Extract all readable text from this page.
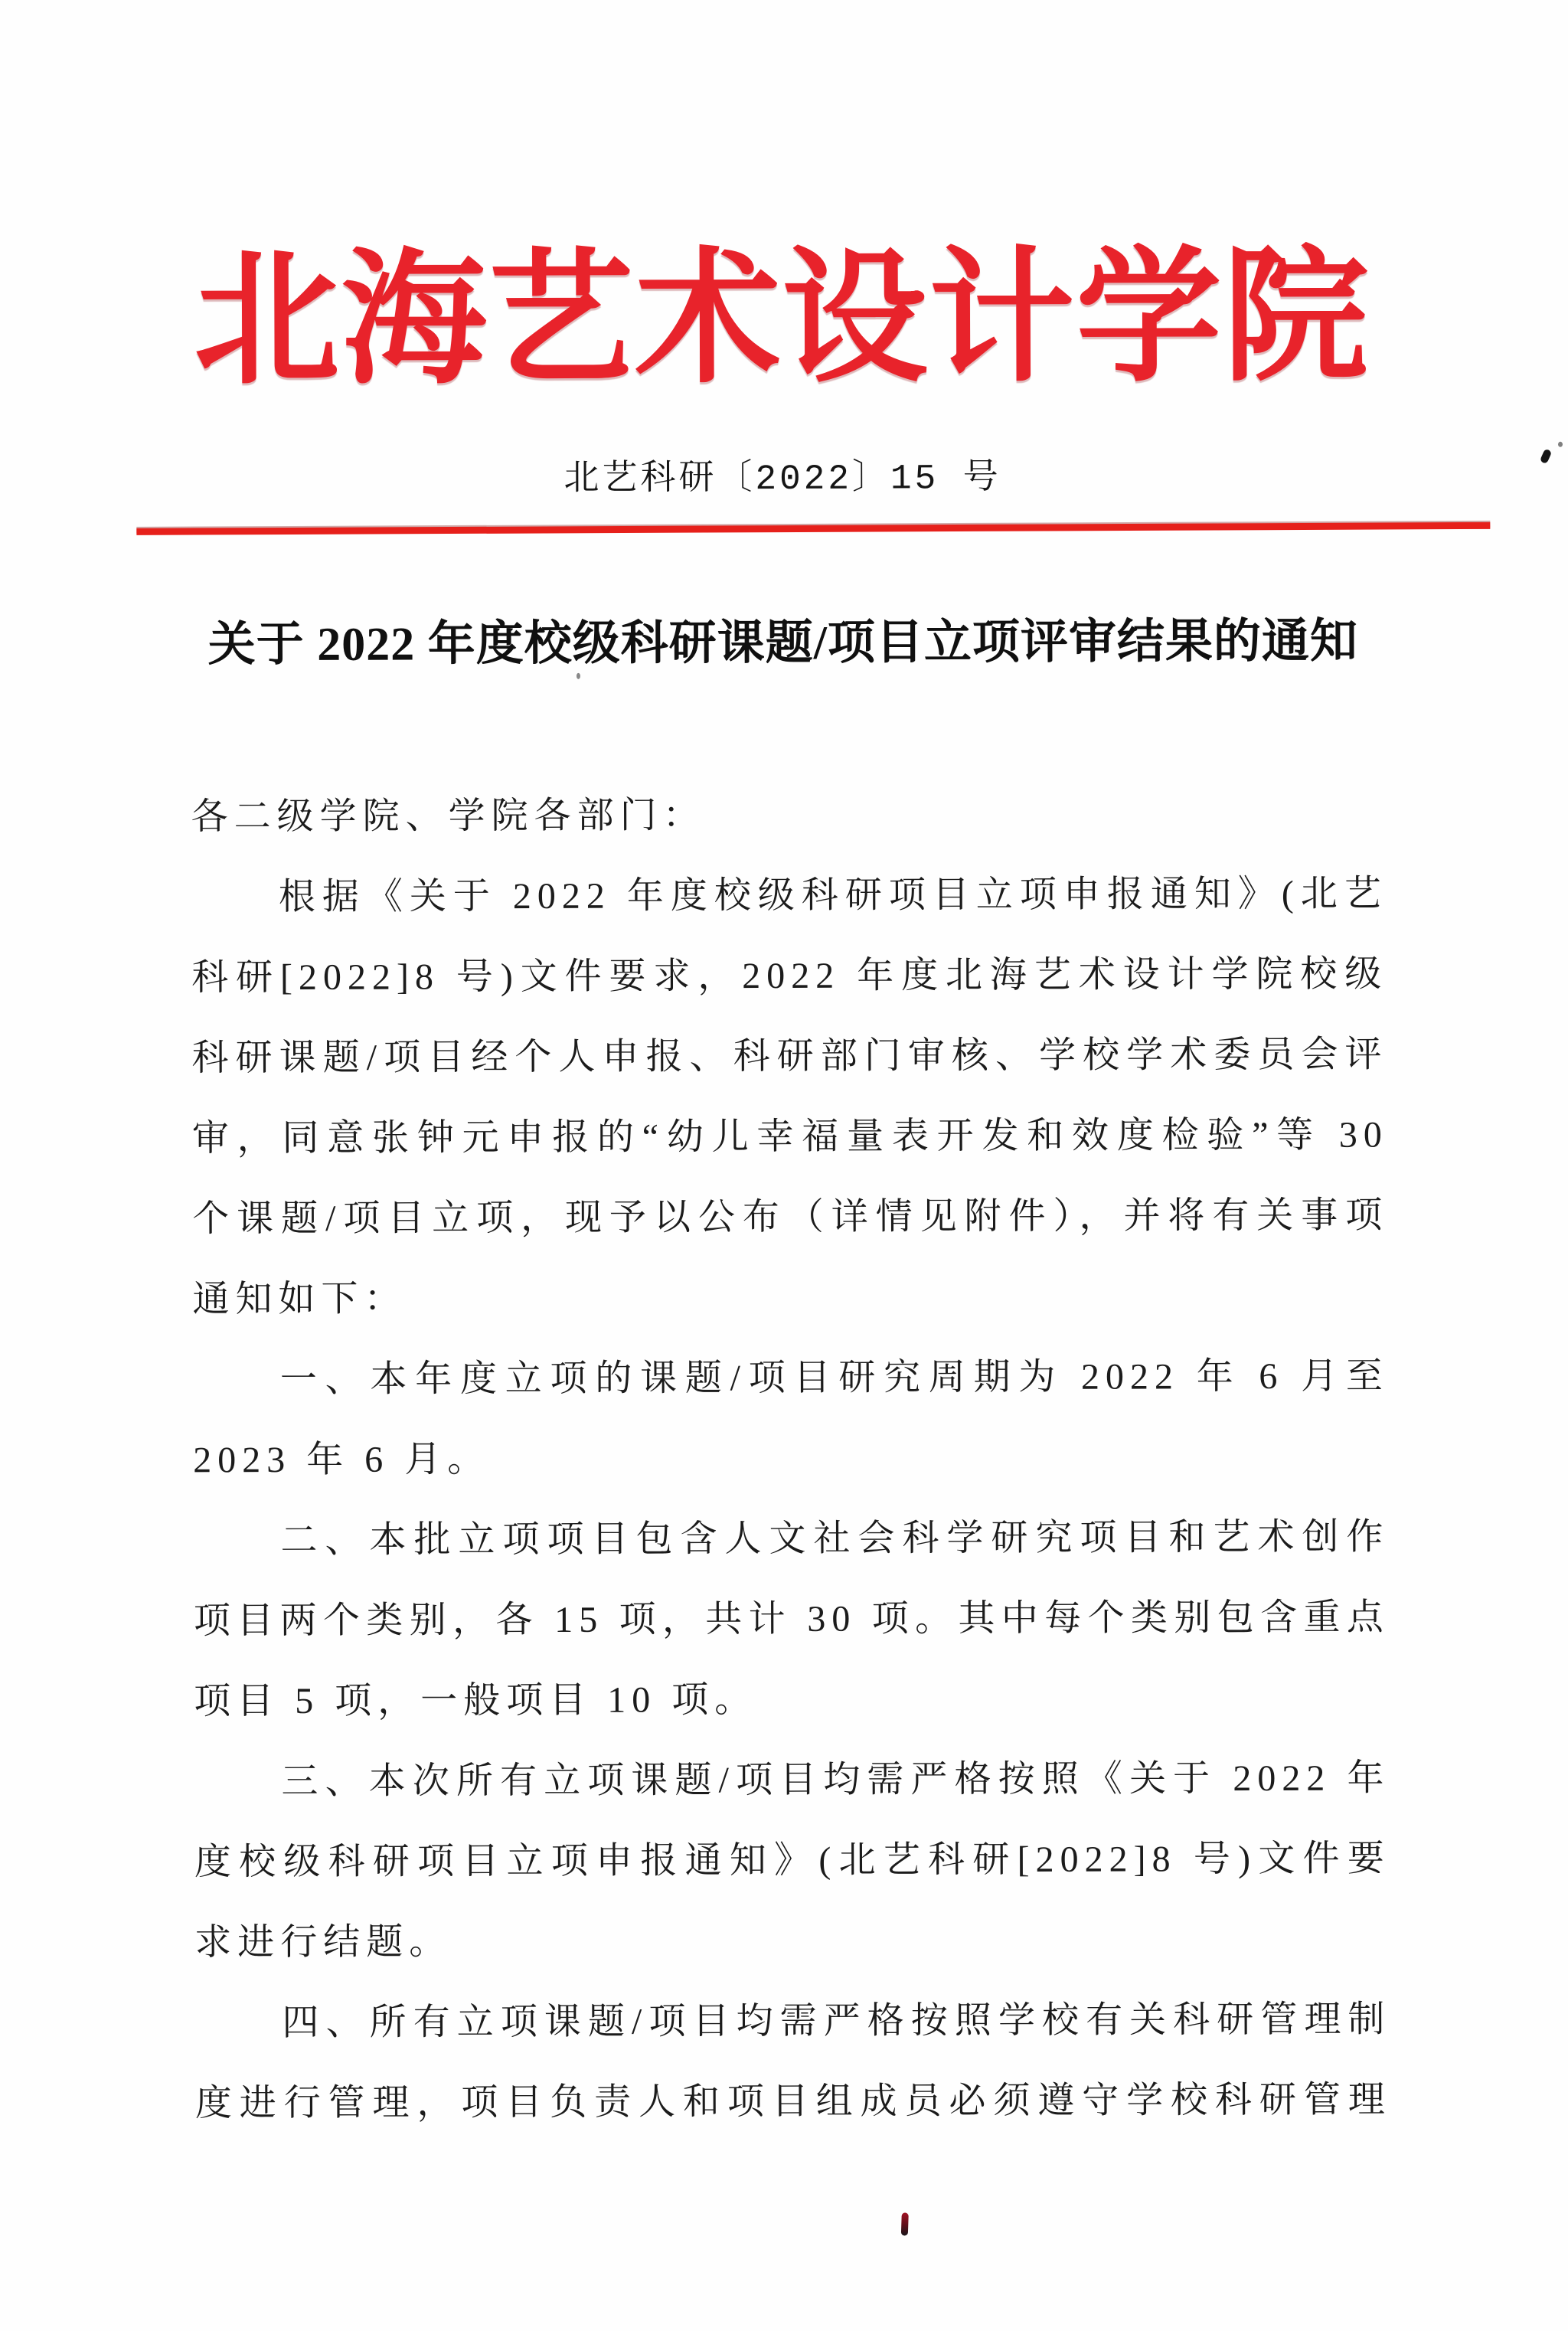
北海艺术设计学院
北艺科研〔2022〕15 号
关于 2022 年度校级科研课题/项目立项评审结果的通知

各二级学院、学院各部门：

根据《关于 2022 年度校级科研项目立项申报通知》(北艺科研[2022]8 号)文件要求，2022 年度北海艺术设计学院校级科研课题/项目经个人申报、科研部门审核、学校学术委员会评审，同意张钟元申报的“幼儿幸福量表开发和效度检验”等 30 个课题/项目立项，现予以公布（详情见附件），并将有关事项通知如下：

一、本年度立项的课题/项目研究周期为 2022 年 6 月至 2023 年 6 月。

二、本批立项项目包含人文社会科学研究项目和艺术创作项目两个类别，各 15 项，共计 30 项。其中每个类别包含重点项目 5 项，一般项目 10 项。

三、本次所有立项课题/项目均需严格按照《关于 2022 年度校级科研项目立项申报通知》(北艺科研[2022]8 号)文件要求进行结题。

四、所有立项课题/项目均需严格按照学校有关科研管理制度进行管理，项目负责人和项目组成员必须遵守学校科研管理
